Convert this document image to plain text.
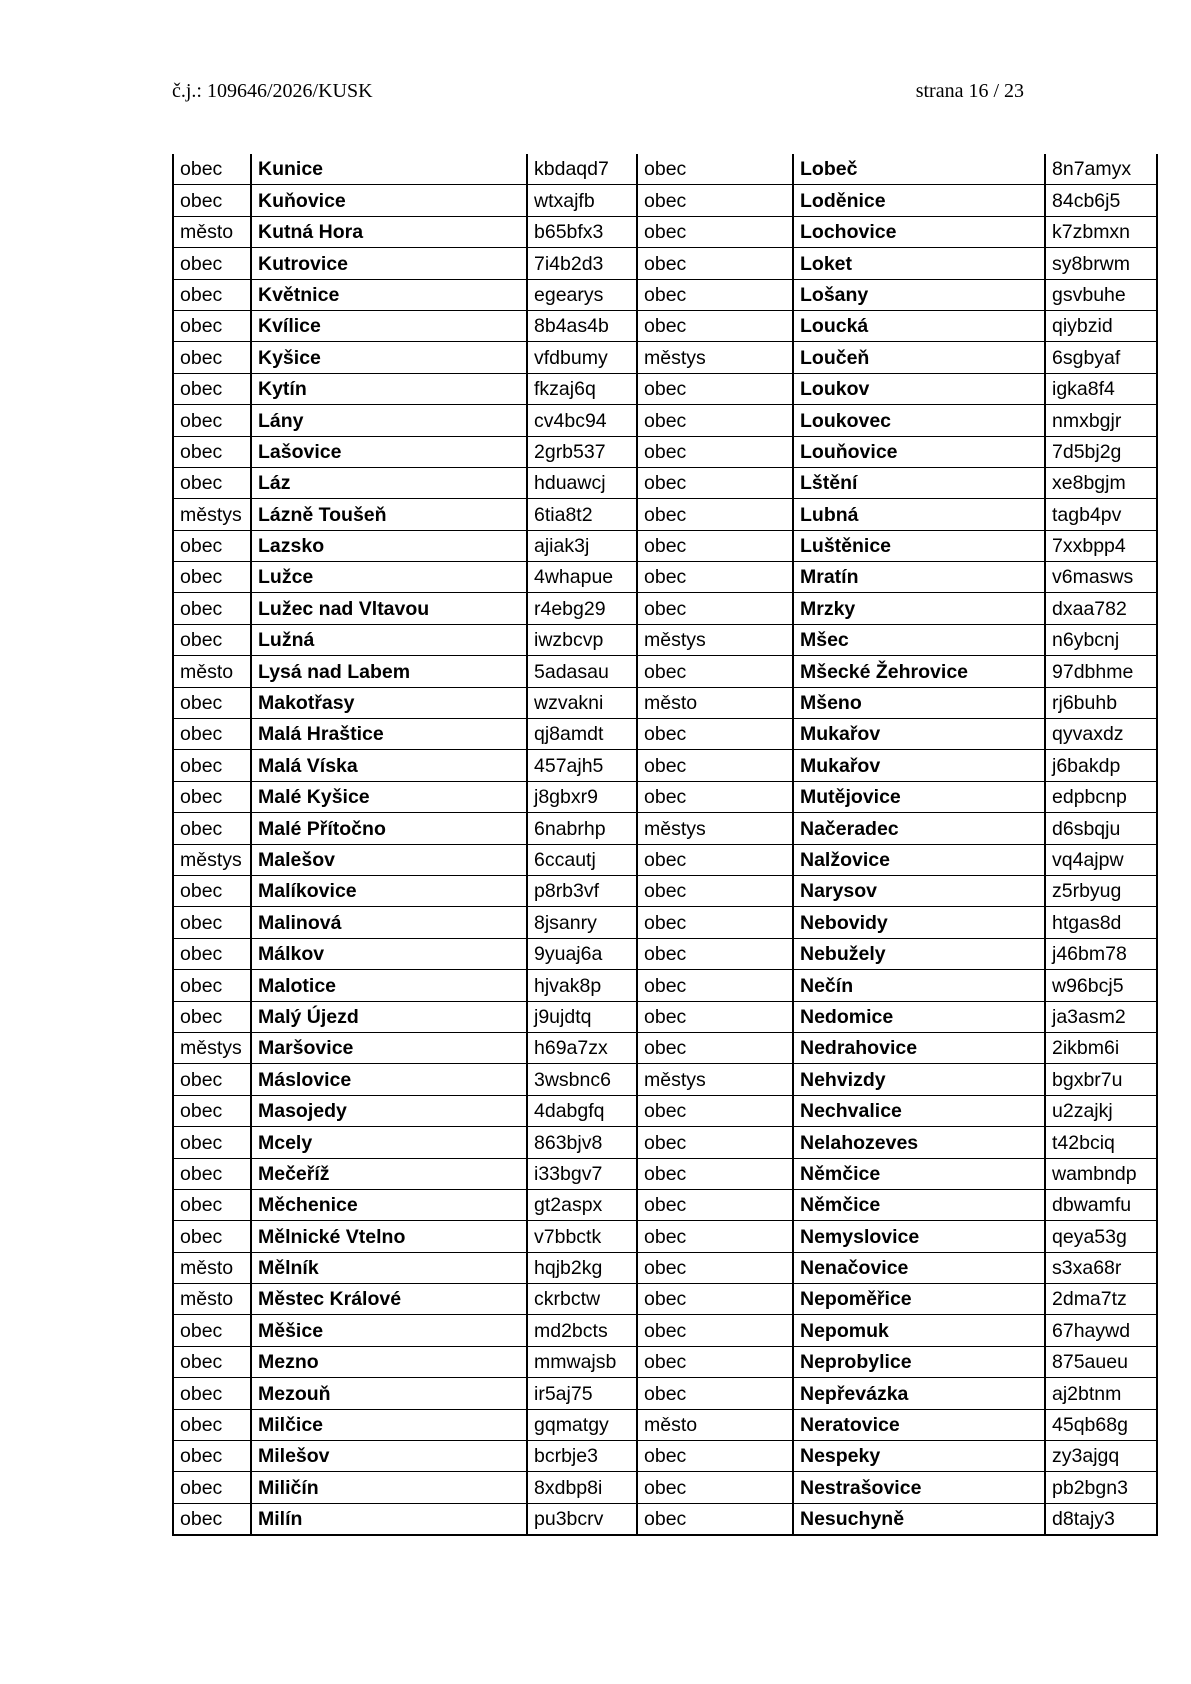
č.j.: 109646/2026/KUSK	strana 16 / 23
obec	Kunice	kbdaqd7	obec	Lobeč	8n7amyx
obec	Kuňovice	wtxajfb	obec	Loděnice	84cb6j5
město	Kutná Hora	b65bfx3	obec	Lochovice	k7zbmxn
obec	Kutrovice	7i4b2d3	obec	Loket	sy8brwm
obec	Květnice	egearys	obec	Lošany	gsvbuhe
obec	Kvílice	8b4as4b	obec	Loucká	qiybzid
obec	Kyšice	vfdbumy	městys	Loučeň	6sgbyaf
obec	Kytín	fkzaj6q	obec	Loukov	igka8f4
obec	Lány	cv4bc94	obec	Loukovec	nmxbgjr
obec	Lašovice	2grb537	obec	Louňovice	7d5bj2g
obec	Láz	hduawcj	obec	Lštění	xe8bgjm
městys	Lázně Toušeň	6tia8t2	obec	Lubná	tagb4pv
obec	Lazsko	ajiak3j	obec	Luštěnice	7xxbpp4
obec	Lužce	4whapue	obec	Mratín	v6masws
obec	Lužec nad Vltavou	r4ebg29	obec	Mrzky	dxaa782
obec	Lužná	iwzbcvp	městys	Mšec	n6ybcnj
město	Lysá nad Labem	5adasau	obec	Mšecké Žehrovice	97dbhme
obec	Makotřasy	wzvakni	město	Mšeno	rj6buhb
obec	Malá Hraštice	qj8amdt	obec	Mukařov	qyvaxdz
obec	Malá Víska	457ajh5	obec	Mukařov	j6bakdp
obec	Malé Kyšice	j8gbxr9	obec	Mutějovice	edpbcnp
obec	Malé Přítočno	6nabrhp	městys	Načeradec	d6sbqju
městys	Malešov	6ccautj	obec	Nalžovice	vq4ajpw
obec	Malíkovice	p8rb3vf	obec	Narysov	z5rbyug
obec	Malinová	8jsanry	obec	Nebovidy	htgas8d
obec	Málkov	9yuaj6a	obec	Nebužely	j46bm78
obec	Malotice	hjvak8p	obec	Nečín	w96bcj5
obec	Malý Újezd	j9ujdtq	obec	Nedomice	ja3asm2
městys	Maršovice	h69a7zx	obec	Nedrahovice	2ikbm6i
obec	Máslovice	3wsbnc6	městys	Nehvizdy	bgxbr7u
obec	Masojedy	4dabgfq	obec	Nechvalice	u2zajkj
obec	Mcely	863bjv8	obec	Nelahozeves	t42bciq
obec	Mečeříž	i33bgv7	obec	Němčice	wambndp
obec	Měchenice	gt2aspx	obec	Němčice	dbwamfu
obec	Mělnické Vtelno	v7bbctk	obec	Nemyslovice	qeya53g
město	Mělník	hqjb2kg	obec	Nenačovice	s3xa68r
město	Městec Králové	ckrbctw	obec	Nepoměřice	2dma7tz
obec	Měšice	md2bcts	obec	Nepomuk	67haywd
obec	Mezno	mmwajsb	obec	Neprobylice	875aueu
obec	Mezouň	ir5aj75	obec	Nepřevázka	aj2btnm
obec	Milčice	gqmatgy	město	Neratovice	45qb68g
obec	Milešov	bcrbje3	obec	Nespeky	zy3ajgq
obec	Miličín	8xdbp8i	obec	Nestrašovice	pb2bgn3
obec	Milín	pu3bcrv	obec	Nesuchyně	d8tajy3
